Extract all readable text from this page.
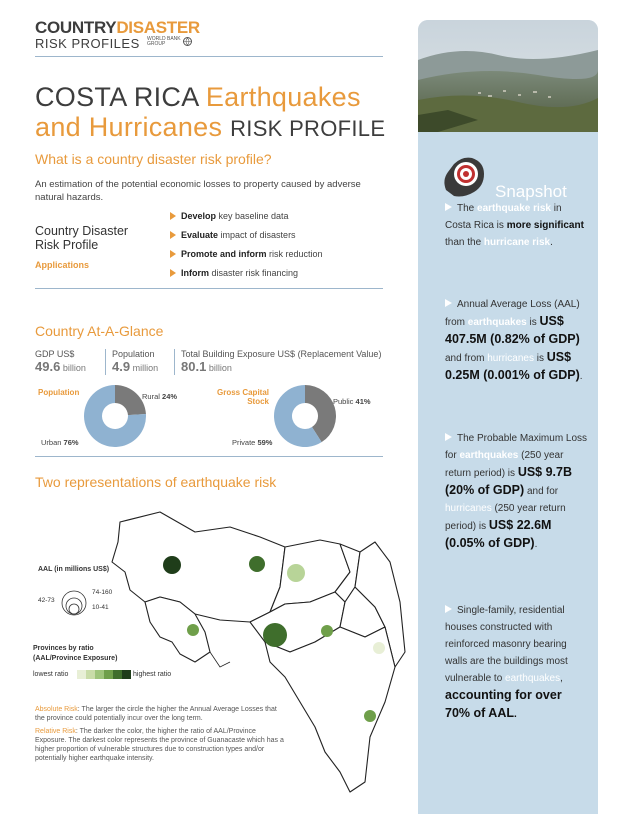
COUNTRYDISASTER
RISK PROFILES WORLD BANK
GROUP
COSTA RICA Earthquakes
and Hurricanes RISK PROFILE
What is a country disaster risk profile?
An estimation of the potential economic losses to property caused by adverse natural hazards.
Country Disaster
Risk Profile
Applications
Develop key baseline data
Evaluate impact of disasters
Promote and inform risk reduction
Inform disaster risk financing
Country At-A-Glance
GDP US$
49.6 billion
Population
4.9 million
Total Building Exposure US$ (Replacement Value)
80.1 billion
Population	Rural 24%
Urban 76%
Gross Capital
Stock	Public 41%
Private 59%
Two representations of earthquake risk
AAL (in millions US$)
74-160
42-73
10-41
Provinces by ratio
(AAL/Province Exposure)
lowest ratio	highest ratio
Absolute Risk: The larger the circle the higher the Annual Average Losses that the province could potentially incur over the long term.
Relative Risk: The darker the color, the higher the ratio of AAL/Province Exposure. The darkest color represents the province of Guanacaste which has a higher proportion of vulnerable structures due to construction types and/or potentially higher earthquake intensity.
Snapshot
The earthquake risk in Costa Rica is more significant than the hurricane risk.
Annual Average Loss (AAL) from earthquakes is US$ 407.5M (0.82% of GDP) and from hurricanes is US$ 0.25M (0.001% of GDP).
The Probable Maximum Loss for earthquakes (250 year return period) is US$ 9.7B (20% of GDP) and for hurricanes (250 year return period) is US$ 22.6M (0.05% of GDP).
Single-family, residential houses constructed with reinforced masonry bearing walls are the buildings most vulnerable to earthquakes, accounting for over 70% of AAL.
